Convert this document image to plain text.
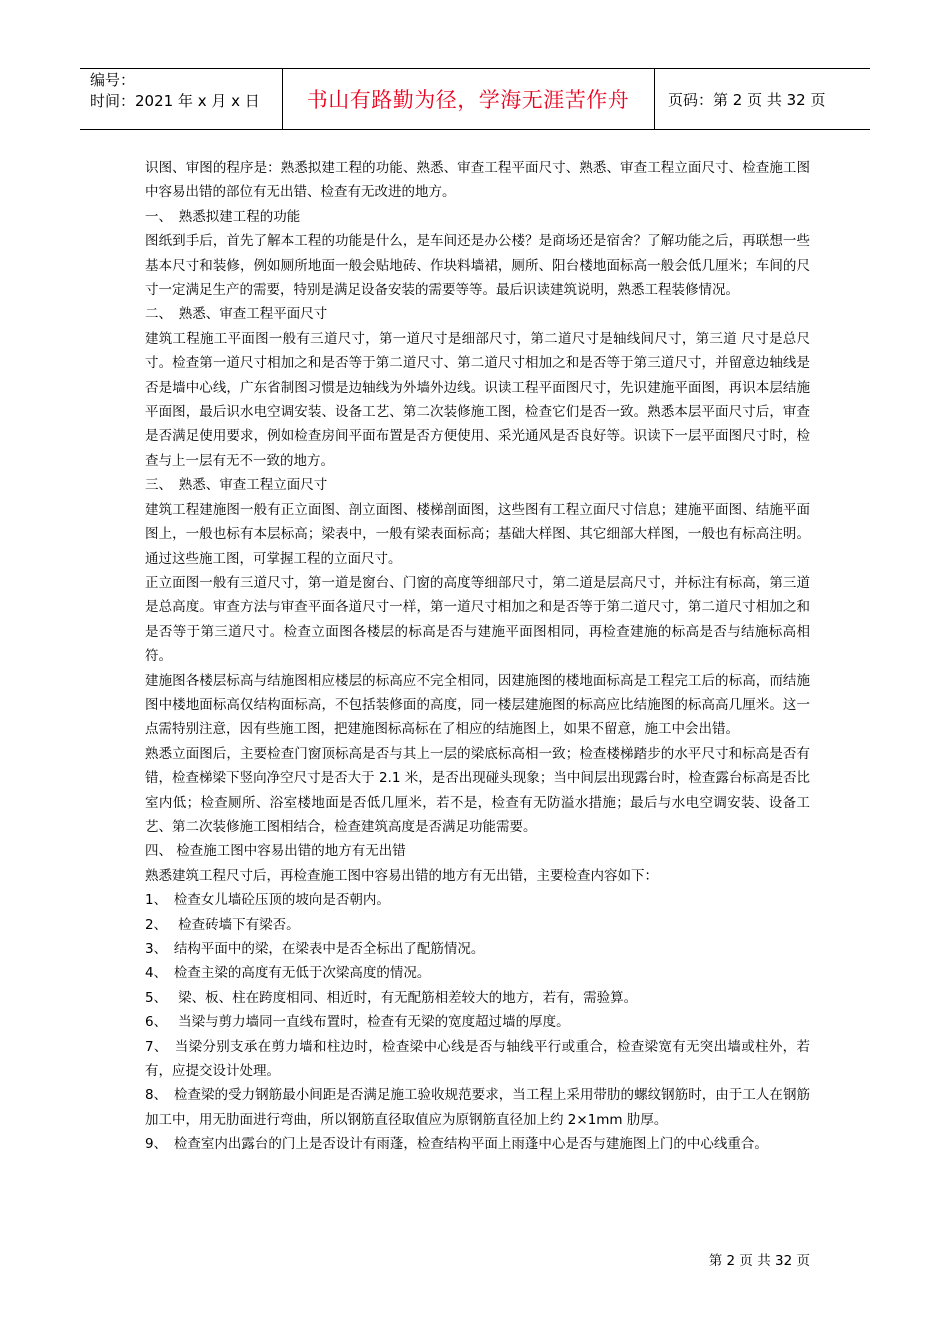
编号：
时间：2021 年 x 月 x 日	书山有路勤为径，学海无涯苦作舟	页码：第 2 页 共 32 页

识图、审图的程序是：熟悉拟建工程的功能、熟悉、审查工程平面尺寸、熟悉、审查工程立面尺寸、检查施工图中容易出错的部位有无出错、检查有无改进的地方。

一、　熟悉拟建工程的功能

图纸到手后，首先了解本工程的功能是什么，是车间还是办公楼？是商场还是宿舍？了解功能之后，再联想一些基本尺寸和装修，例如厕所地面一般会贴地砖、作块料墙裙，厕所、阳台楼地面标高一般会低几厘米；车间的尺寸一定满足生产的需要，特别是满足设备安装的需要等等。最后识读建筑说明，熟悉工程装修情况。

二、　熟悉、审查工程平面尺寸

建筑工程施工平面图一般有三道尺寸，第一道尺寸是细部尺寸，第二道尺寸是轴线间尺寸，第三道 尺寸是总尺寸。检查第一道尺寸相加之和是否等于第二道尺寸、第二道尺寸相加之和是否等于第三道尺寸，并留意边轴线是否是墙中心线，广东省制图习惯是边轴线为外墙外边线。识读工程平面图尺寸，先识建施平面图，再识本层结施平面图，最后识水电空调安装、设备工艺、第二次装修施工图，检查它们是否一致。熟悉本层平面尺寸后，审查是否满足使用要求，例如检查房间平面布置是否方便使用、采光通风是否良好等。识读下一层平面图尺寸时，检查与上一层有无不一致的地方。

三、　熟悉、审查工程立面尺寸

建筑工程建施图一般有正立面图、剖立面图、楼梯剖面图，这些图有工程立面尺寸信息；建施平面图、结施平面图上，一般也标有本层标高；梁表中，一般有梁表面标高；基础大样图、其它细部大样图，一般也有标高注明。通过这些施工图，可掌握工程的立面尺寸。

正立面图一般有三道尺寸，第一道是窗台、门窗的高度等细部尺寸，第二道是层高尺寸，并标注有标高，第三道是总高度。审查方法与审查平面各道尺寸一样，第一道尺寸相加之和是否等于第二道尺寸，第二道尺寸相加之和是否等于第三道尺寸。检查立面图各楼层的标高是否与建施平面图相同，再检查建施的标高是否与结施标高相符。

建施图各楼层标高与结施图相应楼层的标高应不完全相同，因建施图的楼地面标高是工程完工后的标高，而结施图中楼地面标高仅结构面标高，不包括装修面的高度，同一楼层建施图的标高应比结施图的标高高几厘米。这一点需特别注意，因有些施工图，把建施图标高标在了相应的结施图上，如果不留意，施工中会出错。

熟悉立面图后，主要检查门窗顶标高是否与其上一层的梁底标高相一致；检查楼梯踏步的水平尺寸和标高是否有错，检查梯梁下竖向净空尺寸是否大于 2.1 米，是否出现碰头现象；当中间层出现露台时，检查露台标高是否比室内低；检查厕所、浴室楼地面是否低几厘米，若不是，检查有无防溢水措施；最后与水电空调安装、设备工艺、第二次装修施工图相结合，检查建筑高度是否满足功能需要。

四、 检查施工图中容易出错的地方有无出错

熟悉建筑工程尺寸后，再检查施工图中容易出错的地方有无出错，主要检查内容如下：

1、　检查女儿墙砼压顶的坡向是否朝内。

2、　 检查砖墙下有梁否。

3、　结构平面中的梁，在梁表中是否全标出了配筋情况。

4、　检查主梁的高度有无低于次梁高度的情况。

5、　 梁、板、柱在跨度相同、相近时，有无配筋相差较大的地方，若有，需验算。

6、　 当梁与剪力墙同一直线布置时，检查有无梁的宽度超过墙的厚度。

7、　当梁分别支承在剪力墙和柱边时，检查梁中心线是否与轴线平行或重合，检查梁宽有无突出墙或柱外，若有，应提交设计处理。

8、　检查梁的受力钢筋最小间距是否满足施工验收规范要求，当工程上采用带肋的螺纹钢筋时，由于工人在钢筋加工中，用无肋面进行弯曲，所以钢筋直径取值应为原钢筋直径加上约 2×1mm 肋厚。

9、　检查室内出露台的门上是否设计有雨蓬，检查结构平面上雨蓬中心是否与建施图上门的中心线重合。

第 2 页 共 32 页
